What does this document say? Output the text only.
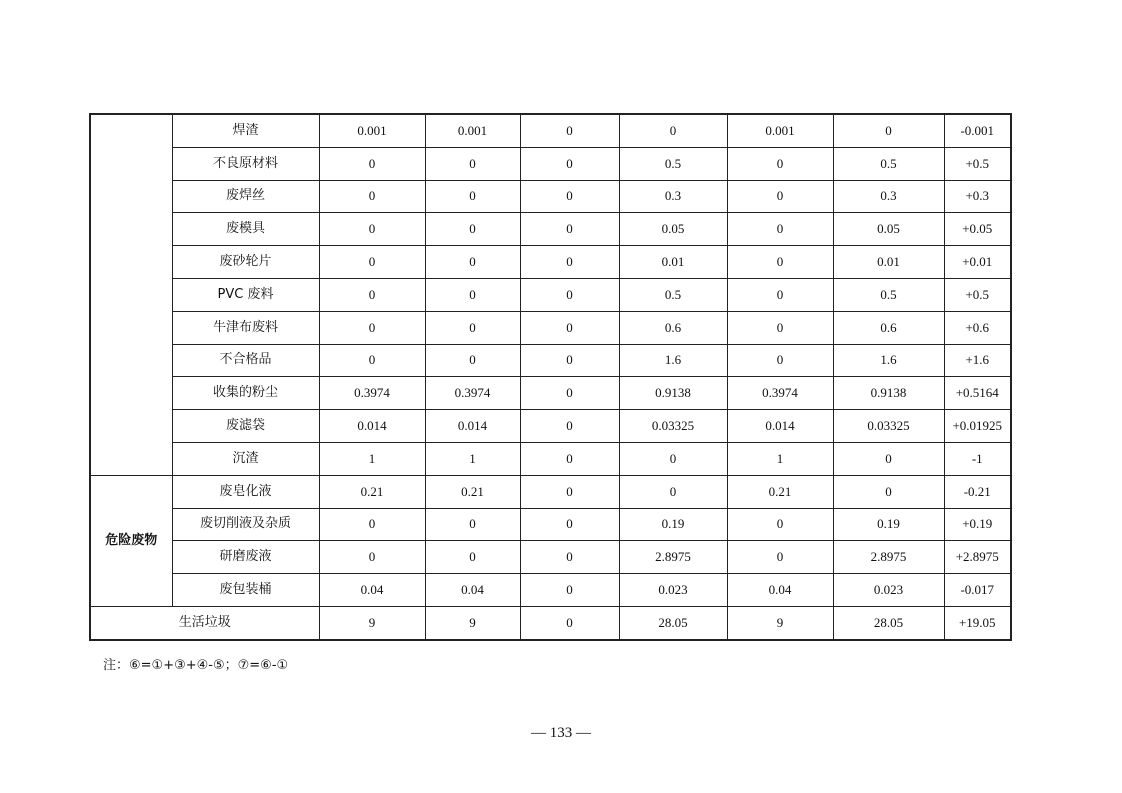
	焊渣	0.001	0.001	0	0	0.001	0	-0.001
	不良原材料	0	0	0	0.5	0	0.5	+0.5
	废焊丝	0	0	0	0.3	0	0.3	+0.3
	废模具	0	0	0	0.05	0	0.05	+0.05
	废砂轮片	0	0	0	0.01	0	0.01	+0.01
	PVC 废料	0	0	0	0.5	0	0.5	+0.5
	牛津布废料	0	0	0	0.6	0	0.6	+0.6
	不合格品	0	0	0	1.6	0	1.6	+1.6
	收集的粉尘	0.3974	0.3974	0	0.9138	0.3974	0.9138	+0.5164
	废滤袋	0.014	0.014	0	0.03325	0.014	0.03325	+0.01925
	沉渣	1	1	0	0	1	0	-1
危险废物	废皂化液	0.21	0.21	0	0	0.21	0	-0.21
	废切削液及杂质	0	0	0	0.19	0	0.19	+0.19
	研磨废液	0	0	0	2.8975	0	2.8975	+2.8975
	废包装桶	0.04	0.04	0	0.023	0.04	0.023	-0.017
生活垃圾		9	9	0	28.05	9	28.05	+19.05
注：⑥=①+③+④-⑤；⑦=⑥-①
— 133 —
